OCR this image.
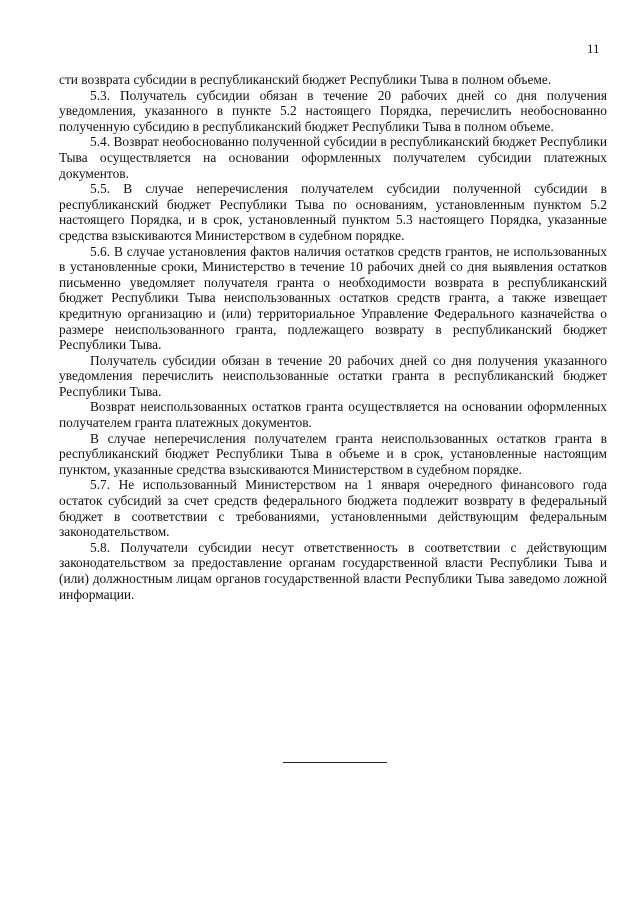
11

сти возврата субсидии в республиканский бюджет Республики Тыва в полном объеме.

5.3. Получатель субсидии обязан в течение 20 рабочих дней со дня получения уведомления, указанного в пункте 5.2 настоящего Порядка, перечислить необоснованно полученную субсидию в республиканский бюджет Республики Тыва в полном объеме.

5.4. Возврат необоснованно полученной субсидии в республиканский бюджет Республики Тыва осуществляется на основании оформленных получателем субсидии платежных документов.

5.5. В случае неперечисления получателем субсидии полученной субсидии в республиканский бюджет Республики Тыва по основаниям, установленным пунктом 5.2 настоящего Порядка, и в срок, установленный пунктом 5.3 настоящего Порядка, указанные средства взыскиваются Министерством в судебном порядке.

5.6. В случае установления фактов наличия остатков средств грантов, не использованных в установленные сроки, Министерство в течение 10 рабочих дней со дня выявления остатков письменно уведомляет получателя гранта о необходимости возврата в республиканский бюджет Республики Тыва неиспользованных остатков средств гранта, а также извещает кредитную организацию и (или) территориальное Управление Федерального казначейства о размере неиспользованного гранта, подлежащего возврату в республиканский бюджет Республики Тыва.

Получатель субсидии обязан в течение 20 рабочих дней со дня получения указанного уведомления перечислить неиспользованные остатки гранта в республиканский бюджет Республики Тыва.

Возврат неиспользованных остатков гранта осуществляется на основании оформленных получателем гранта платежных документов.

В случае неперечисления получателем гранта неиспользованных остатков гранта в республиканский бюджет Республики Тыва в объеме и в срок, установленные настоящим пунктом, указанные средства взыскиваются Министерством в судебном порядке.

5.7. Не использованный Министерством на 1 января очередного финансового года остаток субсидий за счет средств федерального бюджета подлежит возврату в федеральный бюджет в соответствии с требованиями, установленными действующим федеральным законодательством.

5.8. Получатели субсидии несут ответственность в соответствии с действующим законодательством за предоставление органам государственной власти Республики Тыва и (или) должностным лицам органов государственной власти Республики Тыва заведомо ложной информации.
